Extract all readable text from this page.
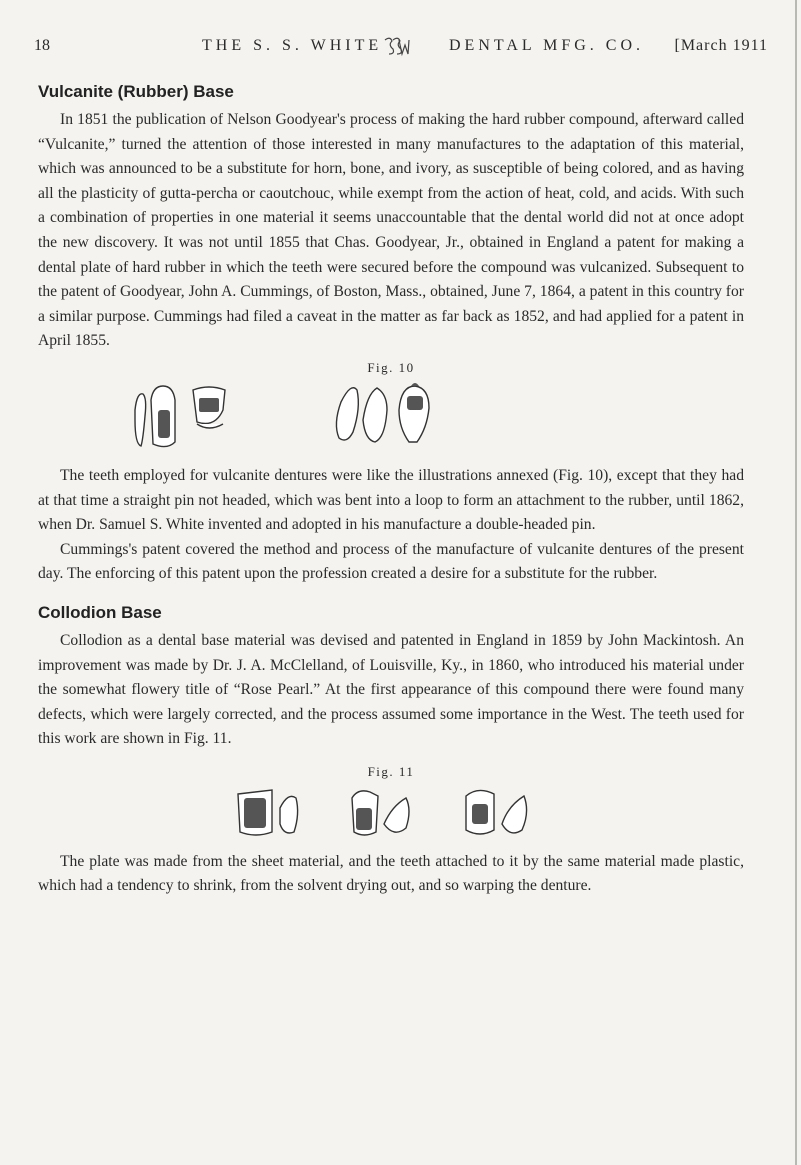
18	THE S. S. WHITE	DENTAL MFG. CO. [March 1911
Vulcanite (Rubber) Base

In 1851 the publication of Nelson Goodyear's process of making the hard rubber compound, afterward called “Vulcanite,” turned the attention of those interested in many manufactures to the adaptation of this material, which was announced to be a substitute for horn, bone, and ivory, as susceptible of being colored, and as having all the plasticity of gutta-percha or caoutchouc, while exempt from the action of heat, cold, and acids. With such a combination of properties in one material it seems unaccountable that the dental world did not at once adopt the new discovery. It was not until 1855 that Chas. Goodyear, Jr., obtained in England a patent for making a dental plate of hard rubber in which the teeth were secured before the compound was vulcanized. Subsequent to the patent of Goodyear, John A. Cummings, of Boston, Mass., obtained, June 7, 1864, a patent in this country for a similar purpose. Cummings had filed a caveat in the matter as far back as 1852, and had applied for a patent in April 1855.

Fig. 10

The teeth employed for vulcanite dentures were like the illustrations annexed (Fig. 10), except that they had at that time a straight pin not headed, which was bent into a loop to form an attachment to the rubber, until 1862, when Dr. Samuel S. White invented and adopted in his manufacture a double-headed pin.

Cummings's patent covered the method and process of the manufacture of vulcanite dentures of the present day. The enforcing of this patent upon the profession created a desire for a substitute for the rubber.

Collodion Base

Collodion as a dental base material was devised and patented in England in 1859 by John Mackintosh. An improvement was made by Dr. J. A. McClelland, of Louisville, Ky., in 1860, who introduced his material under the somewhat flowery title of “Rose Pearl.” At the first appearance of this compound there were found many defects, which were largely corrected, and the process assumed some importance in the West. The teeth used for this work are shown in Fig. 11.

Fig. 11

The plate was made from the sheet material, and the teeth attached to it by the same material made plastic, which had a tendency to shrink, from the solvent drying out, and so warping the denture.
